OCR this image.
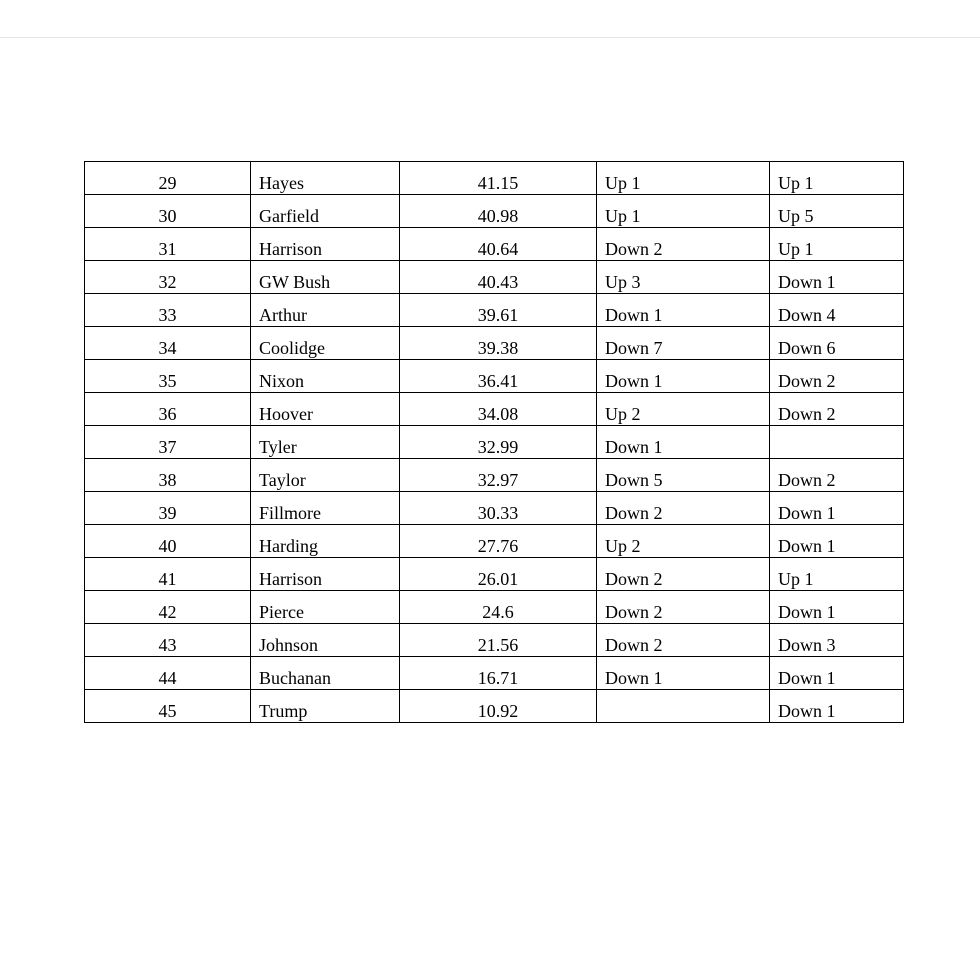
29	Hayes	41.15	Up 1	Up 1
30	Garfield	40.98	Up 1	Up 5
31	Harrison	40.64	Down 2	Up 1
32	GW Bush	40.43	Up 3	Down 1
33	Arthur	39.61	Down 1	Down 4
34	Coolidge	39.38	Down 7	Down 6
35	Nixon	36.41	Down 1	Down 2
36	Hoover	34.08	Up 2	Down 2
37	Tyler	32.99	Down 1	
38	Taylor	32.97	Down 5	Down 2
39	Fillmore	30.33	Down 2	Down 1
40	Harding	27.76	Up 2	Down 1
41	Harrison	26.01	Down 2	Up 1
42	Pierce	24.6	Down 2	Down 1
43	Johnson	21.56	Down 2	Down 3
44	Buchanan	16.71	Down 1	Down 1
45	Trump	10.92		Down 1
